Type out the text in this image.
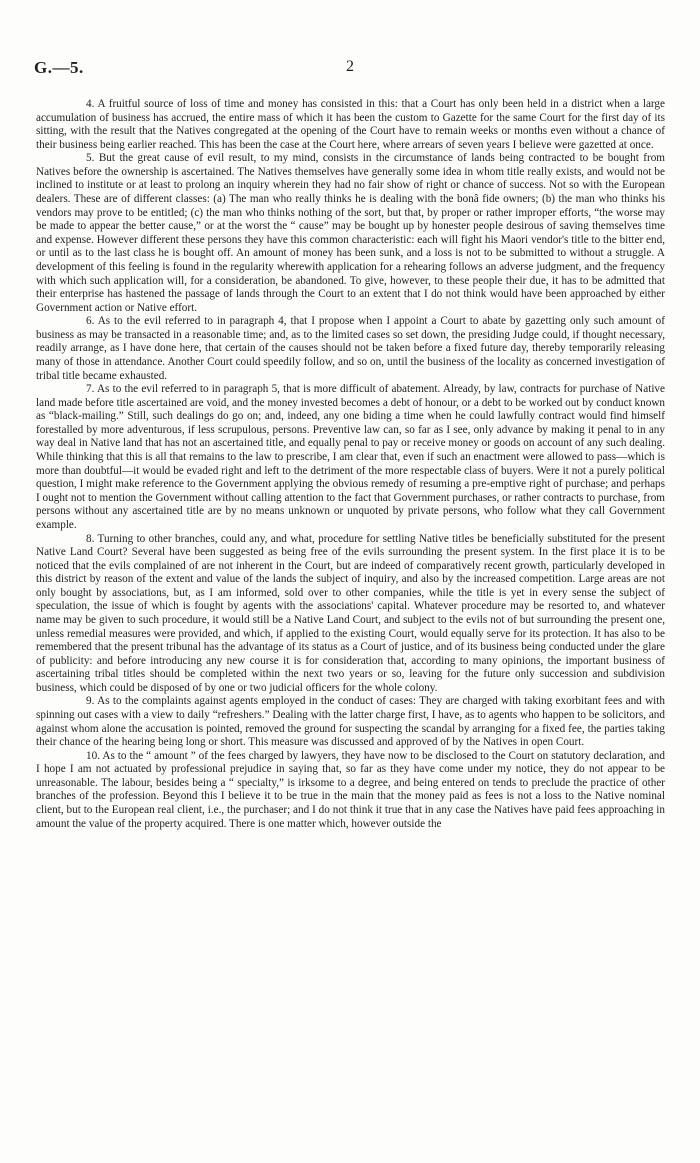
G.—5.	2

4. A fruitful source of loss of time and money has consisted in this: that a Court has only been held in a district when a large accumulation of business has accrued, the entire mass of which it has been the custom to Gazette for the same Court for the first day of its sitting, with the result that the Natives congregated at the opening of the Court have to remain weeks or months even without a chance of their business being earlier reached. This has been the case at the Court here, where arrears of seven years I believe were gazetted at once.

5. But the great cause of evil result, to my mind, consists in the circumstance of lands being contracted to be bought from Natives before the ownership is ascertained. The Natives themselves have generally some idea in whom title really exists, and would not be inclined to institute or at least to prolong an inquiry wherein they had no fair show of right or chance of success. Not so with the European dealers. These are of different classes: (a) The man who really thinks he is dealing with the bonâ fide owners; (b) the man who thinks his vendors may prove to be entitled; (c) the man who thinks nothing of the sort, but that, by proper or rather improper efforts, “the worse may be made to appear the better cause,” or at the worst the “ cause” may be bought up by honester people desirous of saving themselves time and expense. However different these persons they have this common characteristic: each will fight his Maori vendor's title to the bitter end, or until as to the last class he is bought off. An amount of money has been sunk, and a loss is not to be submitted to without a struggle. A development of this feeling is found in the regularity wherewith application for a rehearing follows an adverse judgment, and the frequency with which such application will, for a consideration, be abandoned. To give, however, to these people their due, it has to be admitted that their enterprise has hastened the passage of lands through the Court to an extent that I do not think would have been approached by either Government action or Native effort.

6. As to the evil referred to in paragraph 4, that I propose when I appoint a Court to abate by gazetting only such amount of business as may be transacted in a reasonable time; and, as to the limited cases so set down, the presiding Judge could, if thought necessary, readily arrange, as I have done here, that certain of the causes should not be taken before a fixed future day, thereby temporarily releasing many of those in attendance. Another Court could speedily follow, and so on, until the business of the locality as concerned investigation of tribal title became exhausted.

7. As to the evil referred to in paragraph 5, that is more difficult of abatement. Already, by law, contracts for purchase of Native land made before title ascertained are void, and the money invested becomes a debt of honour, or a debt to be worked out by conduct known as “black-mailing.” Still, such dealings do go on; and, indeed, any one biding a time when he could lawfully contract would find himself forestalled by more adventurous, if less scrupulous, persons. Preventive law can, so far as I see, only advance by making it penal to in any way deal in Native land that has not an ascertained title, and equally penal to pay or receive money or goods on account of any such dealing. While thinking that this is all that remains to the law to prescribe, I am clear that, even if such an enactment were allowed to pass—which is more than doubtful—it would be evaded right and left to the detriment of the more respectable class of buyers. Were it not a purely political question, I might make reference to the Government applying the obvious remedy of resuming a pre-emptive right of purchase; and perhaps I ought not to mention the Government without calling attention to the fact that Government purchases, or rather contracts to purchase, from persons without any ascertained title are by no means unknown or unquoted by private persons, who follow what they call Government example.

8. Turning to other branches, could any, and what, procedure for settling Native titles be beneficially substituted for the present Native Land Court? Several have been suggested as being free of the evils surrounding the present system. In the first place it is to be noticed that the evils complained of are not inherent in the Court, but are indeed of comparatively recent growth, particularly developed in this district by reason of the extent and value of the lands the subject of inquiry, and also by the increased competition. Large areas are not only bought by associations, but, as I am informed, sold over to other companies, while the title is yet in every sense the subject of speculation, the issue of which is fought by agents with the associations' capital. Whatever procedure may be resorted to, and whatever name may be given to such procedure, it would still be a Native Land Court, and subject to the evils not of but surrounding the present one, unless remedial measures were provided, and which, if applied to the existing Court, would equally serve for its protection. It has also to be remembered that the present tribunal has the advantage of its status as a Court of justice, and of its business being conducted under the glare of publicity: and before introducing any new course it is for consideration that, according to many opinions, the important business of ascertaining tribal titles should be completed within the next two years or so, leaving for the future only succession and subdivision business, which could be disposed of by one or two judicial officers for the whole colony.

9. As to the complaints against agents employed in the conduct of cases: They are charged with taking exorbitant fees and with spinning out cases with a view to daily “refreshers.” Dealing with the latter charge first, I have, as to agents who happen to be solicitors, and against whom alone the accusation is pointed, removed the ground for suspecting the scandal by arranging for a fixed fee, the parties taking their chance of the hearing being long or short. This measure was discussed and approved of by the Natives in open Court.

10. As to the “ amount ” of the fees charged by lawyers, they have now to be disclosed to the Court on statutory declaration, and I hope I am not actuated by professional prejudice in saying that, so far as they have come under my notice, they do not appear to be unreasonable. The labour, besides being a “ specialty,” is irksome to a degree, and being entered on tends to preclude the practice of other branches of the profession. Beyond this I believe it to be true in the main that the money paid as fees is not a loss to the Native nominal client, but to the European real client, i.e., the purchaser; and I do not think it true that in any case the Natives have paid fees approaching in amount the value of the property acquired. There is one matter which, however outside the
